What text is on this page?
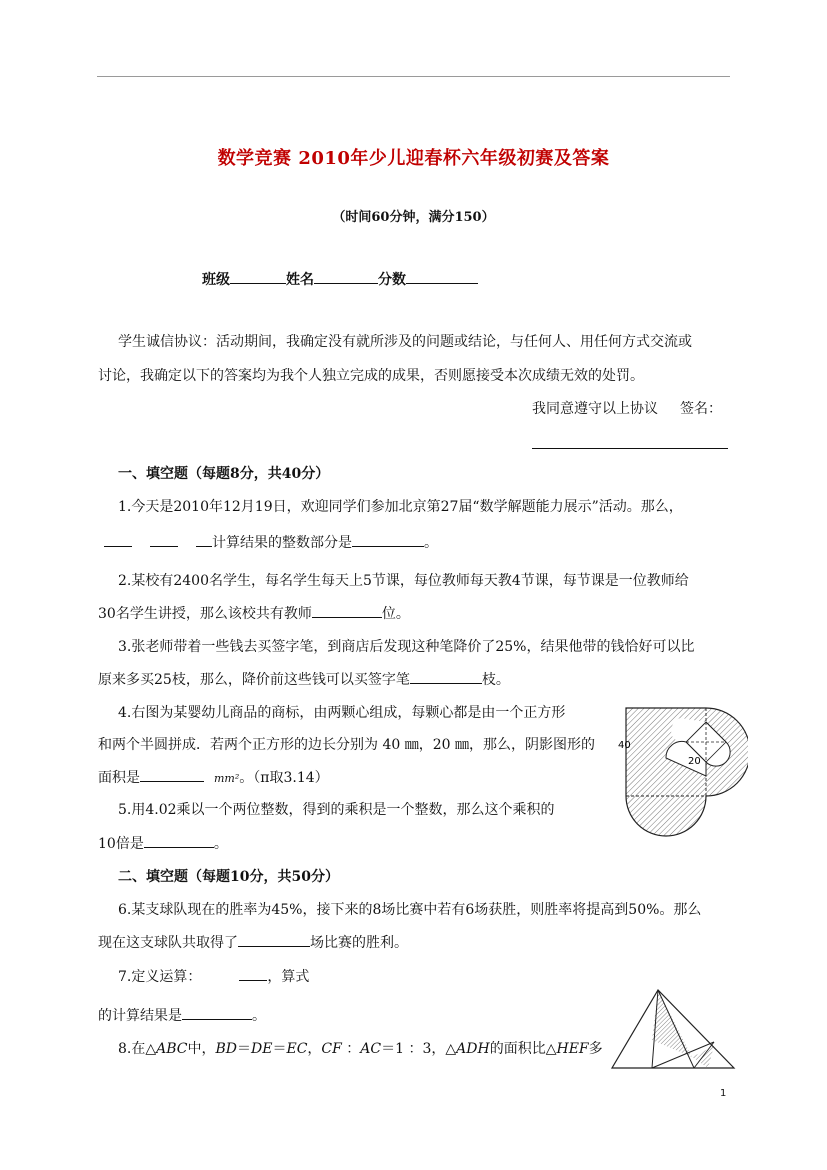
数学竞赛 2010年少儿迎春杯六年级初赛及答案
（时间60分钟，满分150）
班级	姓名	分数
学生诚信协议：活动期间，我确定没有就所涉及的问题或结论，与任何人、用任何方式交流或
讨论，我确定以下的答案均为我个人独立完成的成果，否则愿接受本次成绩无效的处罚。
我同意遵守以上协议 签名：
一、填空题（每题8分，共40分）
1.今天是2010年12月19日，欢迎同学们参加北京第27届“数学解题能力展示”活动。那么，
计算结果的整数部分是	。
2.某校有2400名学生，每名学生每天上5节课，每位教师每天教4节课，每节课是一位教师给
30名学生讲授，那么该校共有教师	位。
3.张老师带着一些钱去买签字笔，到商店后发现这种笔降价了25%，结果他带的钱恰好可以比
原来多买25枝，那么，降价前这些钱可以买签字笔	枝。
4.右图为某婴幼儿商品的商标，由两颗心组成，每颗心都是由一个正方形
和两个半圆拼成．若两个正方形的边长分别为 40 ㎜，20 ㎜，那么，阴影图形的
面积是	mm²。（π取3.14）
5.用4.02乘以一个两位整数，得到的乘积是一个整数，那么这个乘积的
10倍是	。
二、填空题（每题10分，共50分）
6.某支球队现在的胜率为45%，接下来的8场比赛中若有6场获胜，则胜率将提高到50%。那么
现在这支球队共取得了	场比赛的胜利。
7.定义运算：	，算式
的计算结果是	。
8.在△ABC中，BD＝DE＝EC，CF ：AC＝1 ：3，△ADH的面积比△HEF多
40
20
1
